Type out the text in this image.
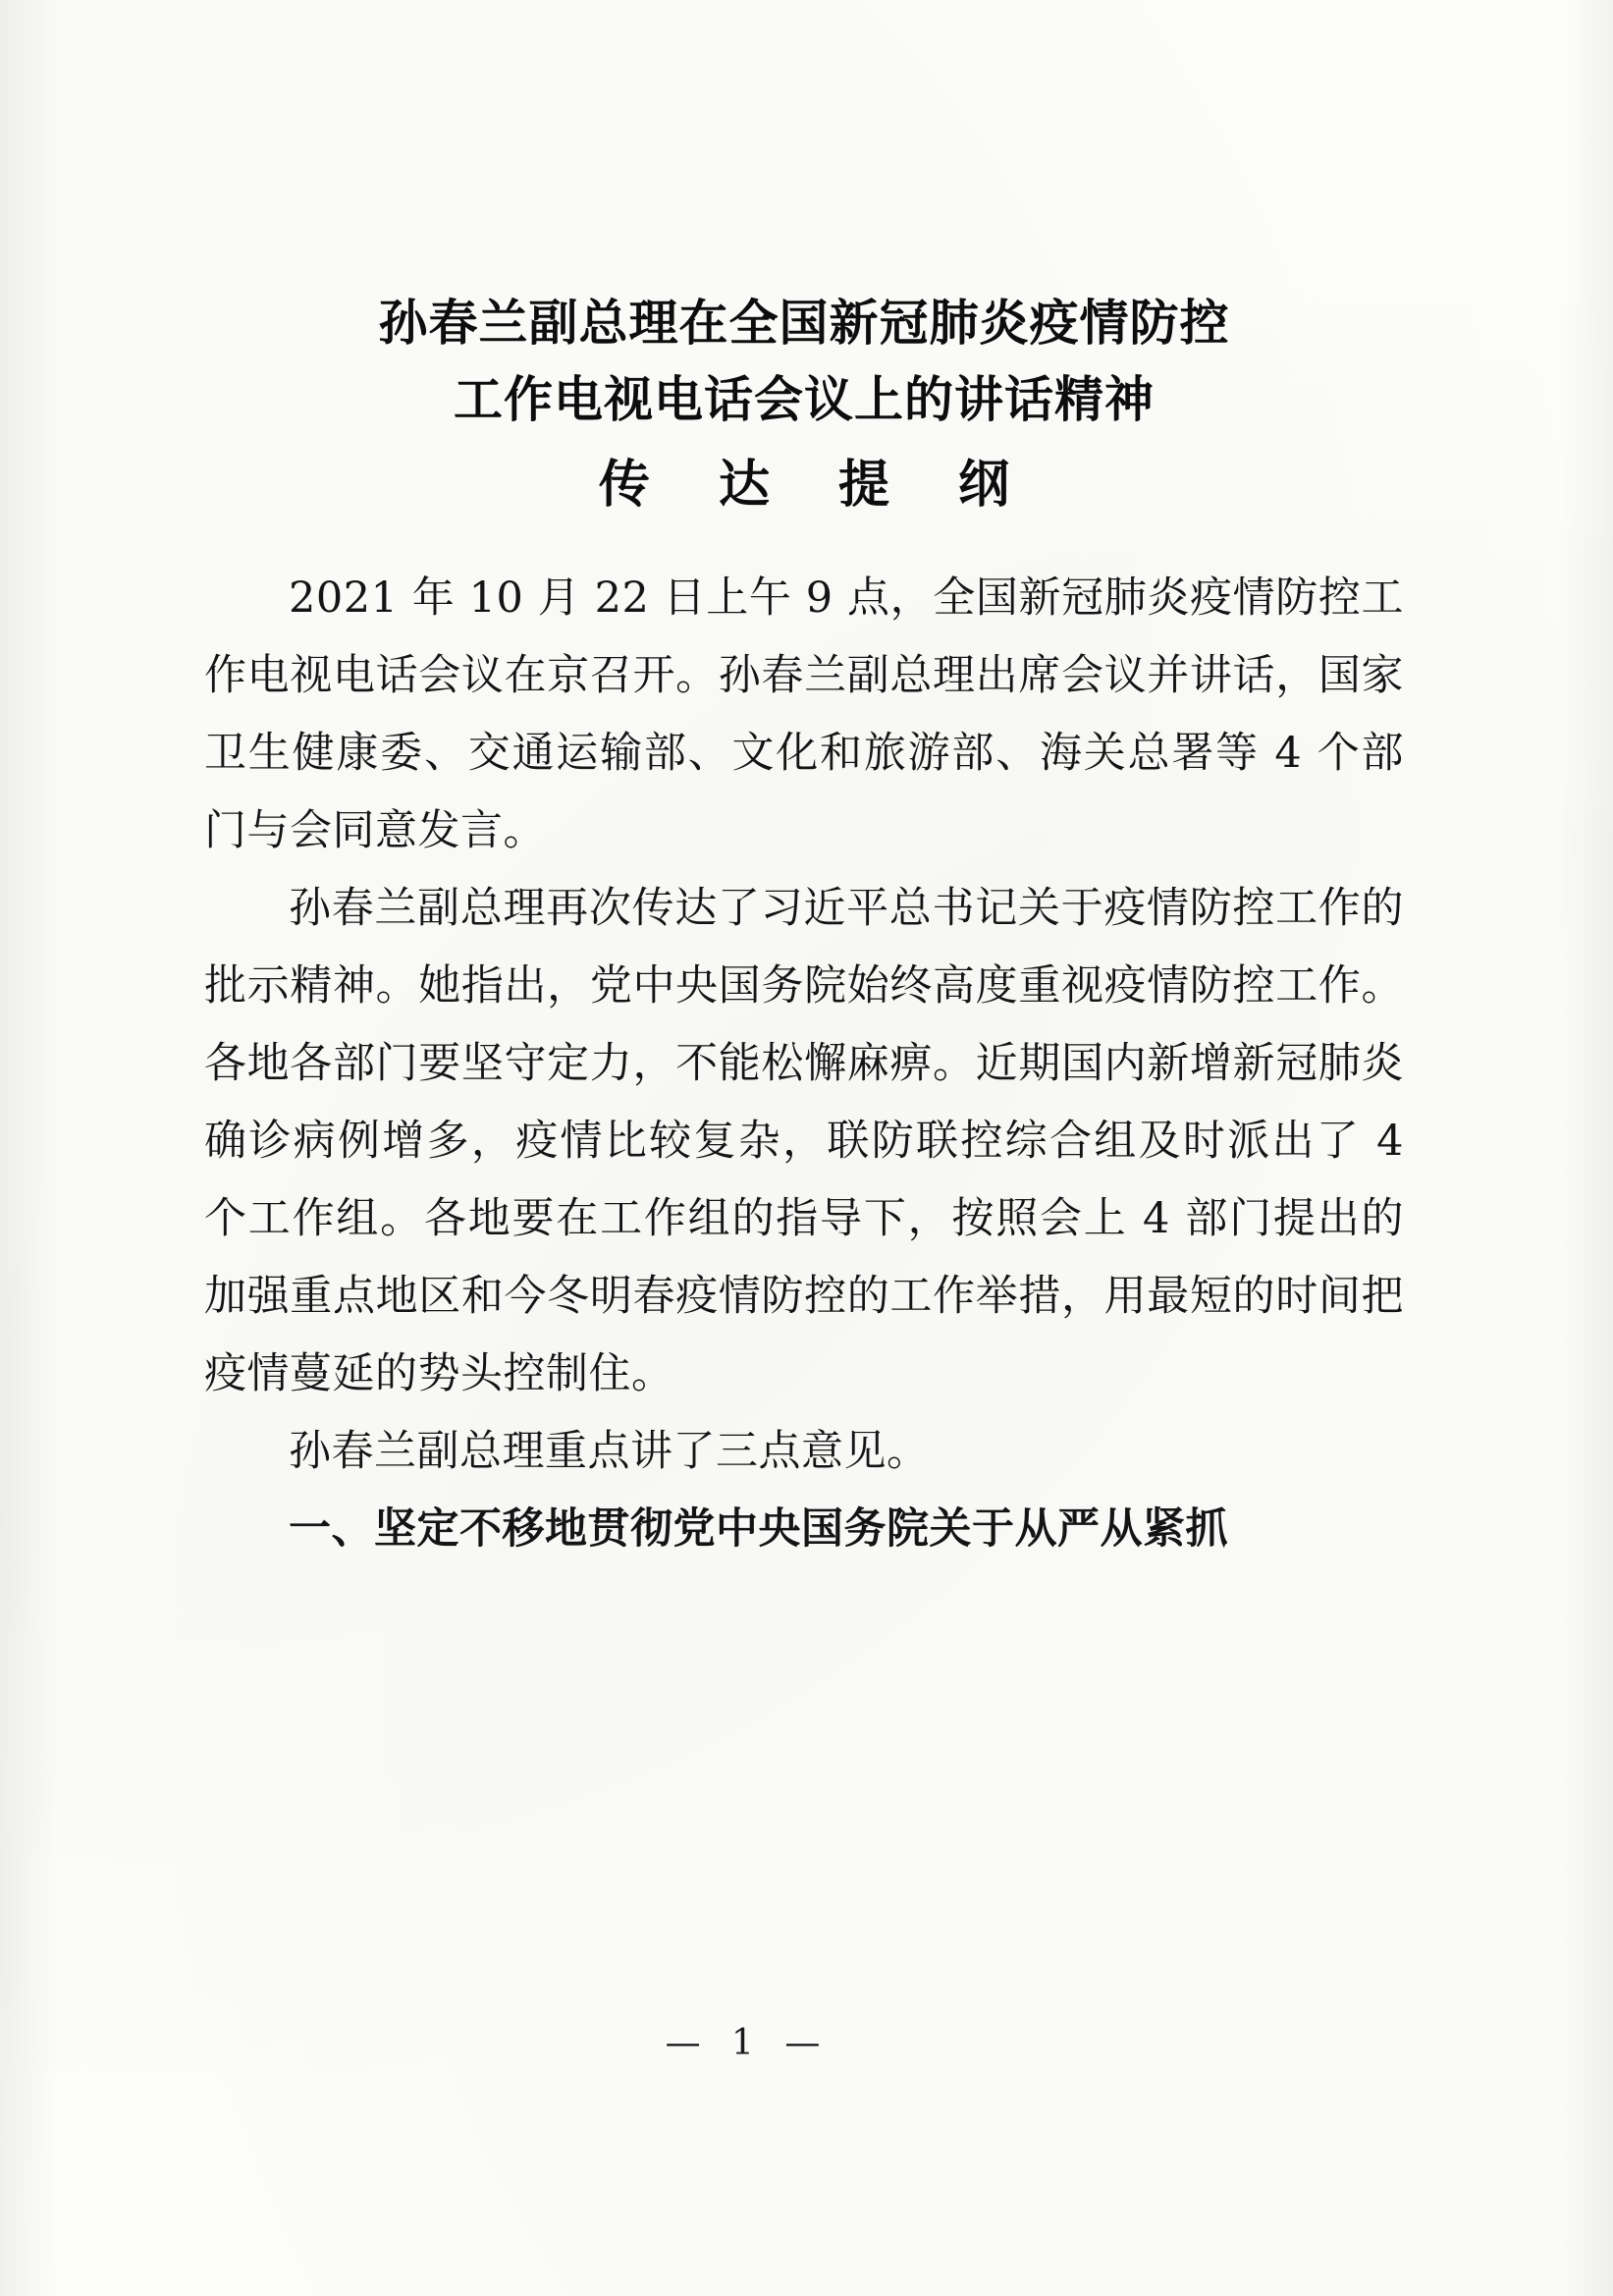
孙春兰副总理在全国新冠肺炎疫情防控
工作电视电话会议上的讲话精神
传 达 提 纲

2021 年 10 月 22 日上午 9 点，全国新冠肺炎疫情防控工作电视电话会议在京召开。孙春兰副总理出席会议并讲话，国家卫生健康委、交通运输部、文化和旅游部、海关总署等 4 个部门与会同意发言。

孙春兰副总理再次传达了习近平总书记关于疫情防控工作的批示精神。她指出，党中央国务院始终高度重视疫情防控工作。各地各部门要坚守定力，不能松懈麻痹。近期国内新增新冠肺炎确诊病例增多，疫情比较复杂，联防联控综合组及时派出了 4 个工作组。各地要在工作组的指导下，按照会上 4 部门提出的加强重点地区和今冬明春疫情防控的工作举措，用最短的时间把疫情蔓延的势头控制住。

孙春兰副总理重点讲了三点意见。

一、坚定不移地贯彻党中央国务院关于从严从紧抓

— 1 —
